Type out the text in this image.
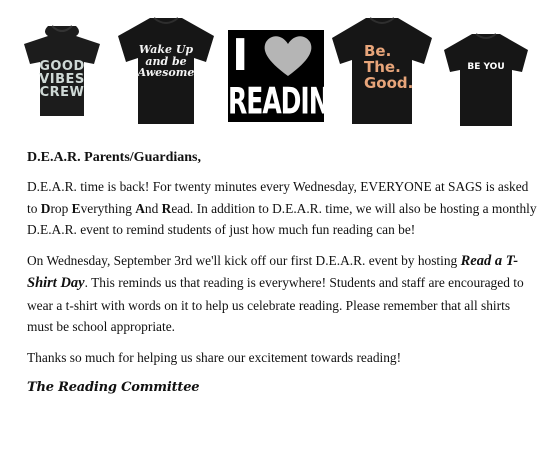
GOOD
VIBES
CREW
Wake Up
and be
Awesome I
READING
Be.
The.
Good.
BE YOU
D.E.A.R. Parents/Guardians,

D.E.A.R. time is back! For twenty minutes every Wednesday, EVERYONE at SAGS is asked to Drop Everything And Read. In addition to D.E.A.R. time, we will also be hosting a monthly D.E.A.R. event to remind students of just how much fun reading can be!

On Wednesday, September 3rd we'll kick off our first D.E.A.R. event by hosting Read a T-Shirt Day. This reminds us that reading is everywhere! Students and staff are encouraged to wear a t-shirt with words on it to help us celebrate reading. Please remember that all shirts must be school appropriate.

Thanks so much for helping us share our excitement towards reading!

The Reading Committee
